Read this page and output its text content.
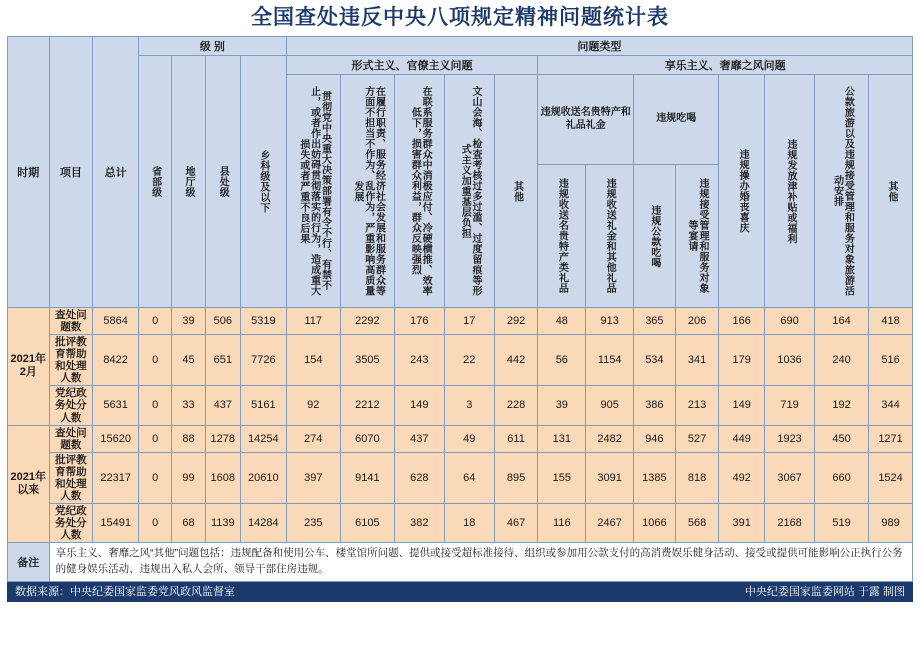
全国查处违反中央八项规定精神问题统计表
时期	项目	总计	级 别				问题类型												

			省部级	地厅级	县处级	乡科级及以下	形式主义、官僚主义问题					享乐主义、奢靡之风问题							

							贯彻党中央重大决策部署有令不行、有禁不止，或者作出妨碍贯彻落实的行为，造成重大损失或者严重不良后果	在履行职责、服务经济社会发展和服务群众等方面不担当不作为、乱作为，严重影响高质量发展	在联系服务群众中消极应付、冷硬横推、效率低下，损害群众利益，群众反映强烈	文山会海、检查考核过多过滥、过度留痕等形式主义加重基层负担	其他	违规收送名贵特产和礼品礼金		违规吃喝		违规操办婚丧喜庆	违规发放津补贴或福利	公款旅游以及违规接受管理和服务对象旅游活动安排	其他

												违规收送名贵特产类礼品	违规收送礼金和其他礼品	违规公款吃喝	违规接受管理和服务对象等宴请				

2021年2月	查处问题数	5864	0	39	506	5319	117	2292	176	17	292	48	913	365	206	166	690	164	418
	批评教育帮助和处理人数	8422	0	45	651	7726	154	3505	243	22	442	56	1154	534	341	179	1036	240	516
	党纪政务处分人数	5631	0	33	437	5161	92	2212	149	3	228	39	905	386	213	149	719	192	344
2021年以来	查处问题数	15620	0	88	1278	14254	274	6070	437	49	611	131	2482	946	527	449	1923	450	1271
	批评教育帮助和处理人数	22317	0	99	1608	20610	397	9141	628	64	895	155	3091	1385	818	492	3067	660	1524
	党纪政务处分人数	15491	0	68	1139	14284	235	6105	382	18	467	116	2467	1066	568	391	2168	519	989
备注	享乐主义、奢靡之风“其他”问题包括：违规配备和使用公车、楼堂馆所问题、提供或接受超标准接待、组织或参加用公款支付的高消费娱乐健身活动、接受或提供可能影响公正执行公务的健身娱乐活动、违规出入私人会所、领导干部住房违规。																		
数据来源：中央纪委国家监委党风政风监督室	中央纪委国家监委网站 于露 制图
